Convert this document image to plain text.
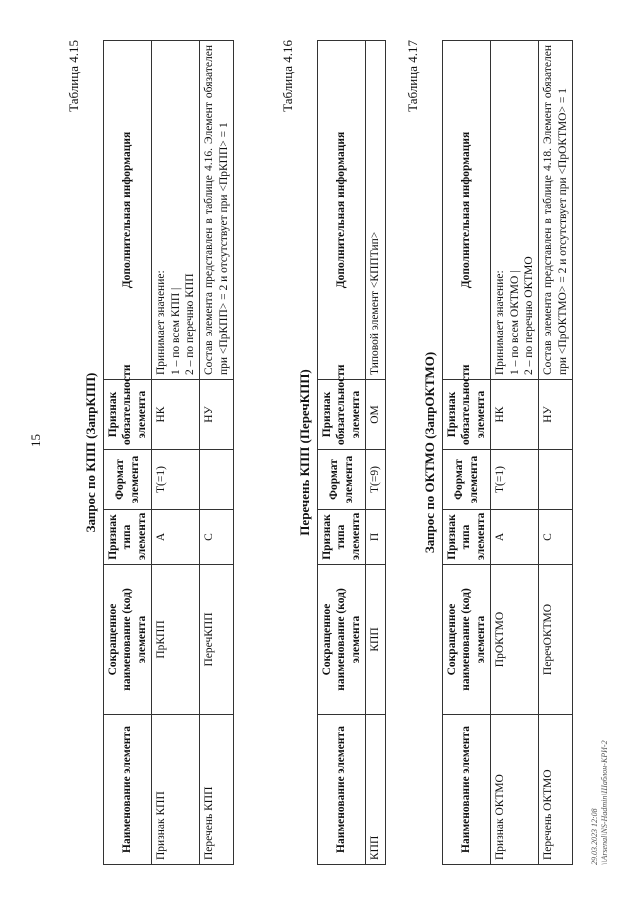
15
Таблица 4.15
Запрос по КПП (ЗапрКПП)
Наименование элемента	Сокращенное наименование (код) элемента	Признак типа элемента	Формат элемента	Признак обязательности элемента	Дополнительная информация
Признак КПП	ПрКПП	А	T(=1)	НК	Принимает значение: 1 – по всем КПП | 2 – по перечню КПП

Перечень КПП	ПеречКПП	С		НУ	Состав элемента представлен в таблице 4.16. Элемент обязателен при <ПрКПП> = 2 и отсутствует при <ПрКПП> = 1
Таблица 4.16
Перечень КПП (ПеречКПП)
Наименование элемента	Сокращенное наименование (код) элемента	Признак типа элемента	Формат элемента	Признак обязательности элемента	Дополнительная информация
КПП	КПП	П	T(=9)	ОМ	Типовой элемент <КППТип>
Таблица 4.17
Запрос по ОКТМО (ЗапрОКТМО)
Наименование элемента	Сокращенное наименование (код) элемента	Признак типа элемента	Формат элемента	Признак обязательности элемента	Дополнительная информация
Признак ОКТМО	ПрОКТМО	А	T(=1)	НК	Принимает значение: 1 – по всем ОКТМО | 2 – по перечню ОКТМО

Перечень ОКТМО	ПеречОКТМО	С		НУ	Состав элемента представлен в таблице 4.18. Элемент обязателен при <ПрОКТМО> = 2 и отсутствует при <ПрОКТМО> = 1
29.03.2023 12:08 \\Arsenal\NS-Hadmin\Шаблон-КРИ-2
